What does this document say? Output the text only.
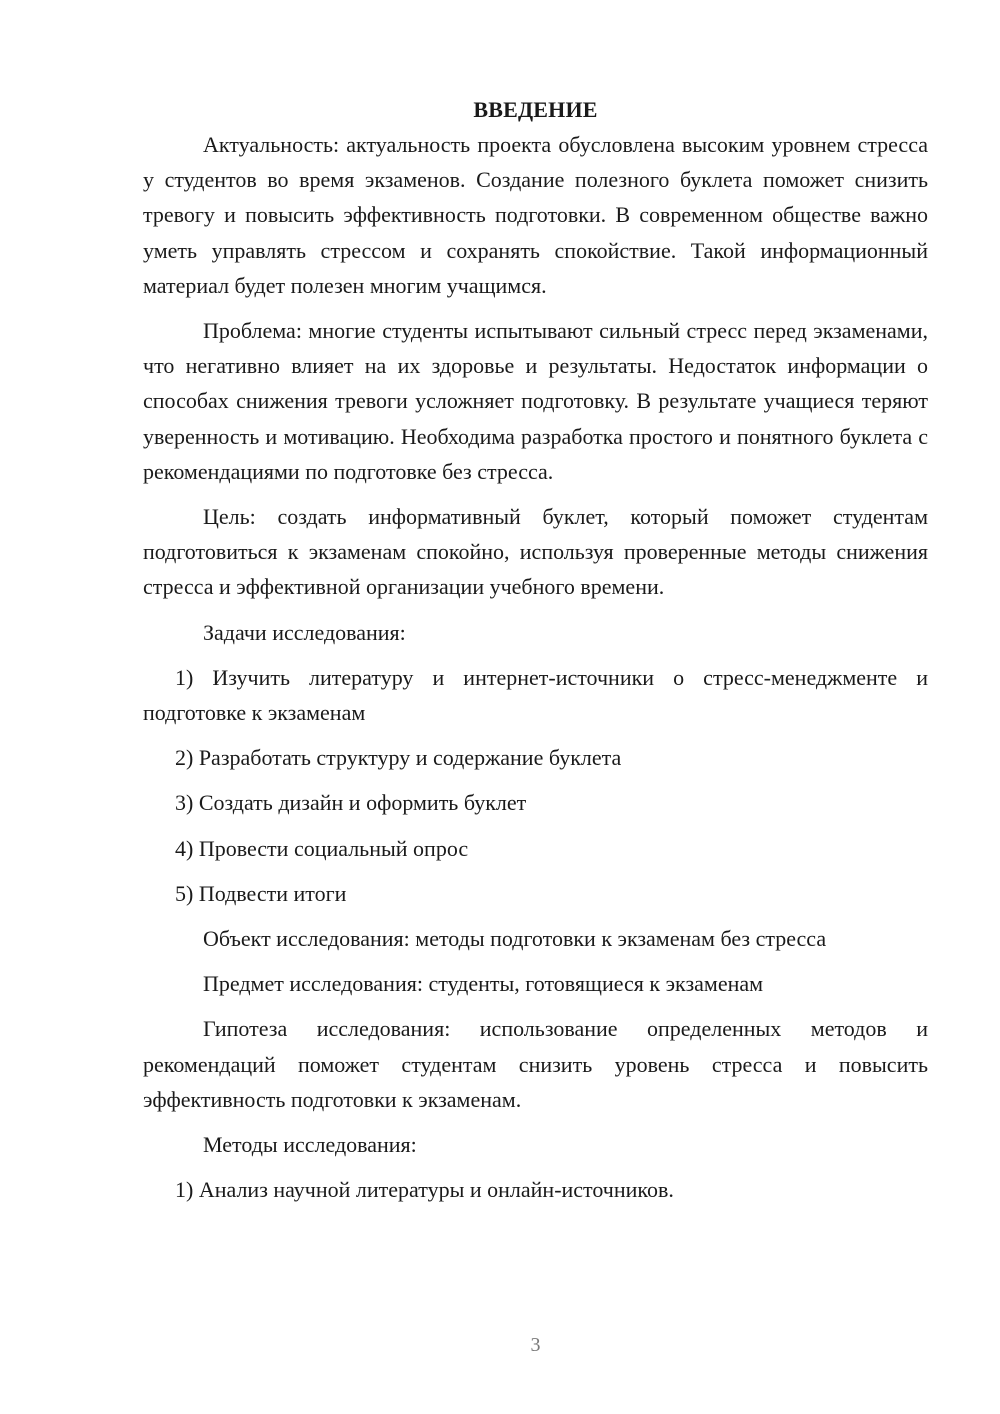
ВВЕДЕНИЕ

Актуальность: актуальность проекта обусловлена высоким уровнем стресса у студентов во время экзаменов. Создание полезного буклета поможет снизить тревогу и повысить эффективность подготовки. В современном обществе важно уметь управлять стрессом и сохранять спокойствие. Такой информационный материал будет полезен многим учащимся.

Проблема: многие студенты испытывают сильный стресс перед экзаменами, что негативно влияет на их здоровье и результаты. Недостаток информации о способах снижения тревоги усложняет подготовку. В результате учащиеся теряют уверенность и мотивацию. Необходима разработка простого и понятного буклета с рекомендациями по подготовке без стресса.

Цель: создать информативный буклет, который поможет студентам подготовиться к экзаменам спокойно, используя проверенные методы снижения стресса и эффективной организации учебного времени.

Задачи исследования:

1) Изучить литературу и интернет-источники о стресс-менеджменте и подготовке к экзаменам

2) Разработать структуру и содержание буклета

3) Создать дизайн и оформить буклет

4) Провести социальный опрос

5) Подвести итоги

Объект исследования: методы подготовки к экзаменам без стресса

Предмет исследования: студенты, готовящиеся к экзаменам

Гипотеза исследования: использование определенных методов и рекомендаций поможет студентам снизить уровень стресса и повысить эффективность подготовки к экзаменам.

Методы исследования:

1) Анализ научной литературы и онлайн-источников.

3
